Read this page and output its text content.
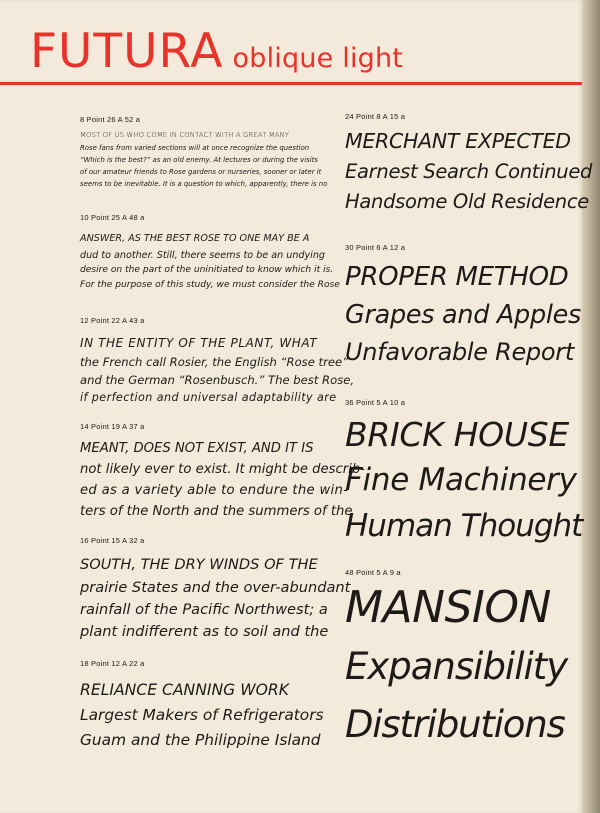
FUTURA oblique light
8 Point 26 A 52 a
MOST OF US WHO COME IN CONTACT WITH A GREAT MANY
Rose fans from varied sections will at once recognize the question
“Which is the best?” as an old enemy. At lectures or during the visits
of our amateur friends to Rose gardens or nurseries, sooner or later it
seems to be inevitable. It is a question to which, apparently, there is no
10 Point 25 A 48 a
ANSWER, AS THE BEST ROSE TO ONE MAY BE A
dud to another. Still, there seems to be an undying
desire on the part of the uninitiated to know which it is.
For the purpose of this study, we must consider the Rose
12 Point 22 A 43 a
IN THE ENTITY OF THE PLANT, WHAT
the French call Rosier, the English “Rose tree”
and the German “Rosenbusch.” The best Rose,
if perfection and universal adaptability are
14 Point 19 A 37 a
MEANT, DOES NOT EXIST, AND IT IS
not likely ever to exist. It might be describ-
ed as a variety able to endure the win-
ters of the North and the summers of the
16 Point 15 A 32 a
SOUTH, THE DRY WINDS OF THE
prairie States and the over-abundant
rainfall of the Pacific Northwest; a
plant indifferent as to soil and the
18 Point 12 A 22 a
RELIANCE CANNING WORK
Largest Makers of Refrigerators
Guam and the Philippine Island
24 Point 8 A 15 a
MERCHANT EXPECTED
Earnest Search Continued
Handsome Old Residence
30 Point 6 A 12 a
PROPER METHOD
Grapes and Apples
Unfavorable Report
36 Point 5 A 10 a
BRICK HOUSE
Fine Machinery
Human Thought
48 Point 5 A 9 a
MANSION
Expansibility
Distributions
